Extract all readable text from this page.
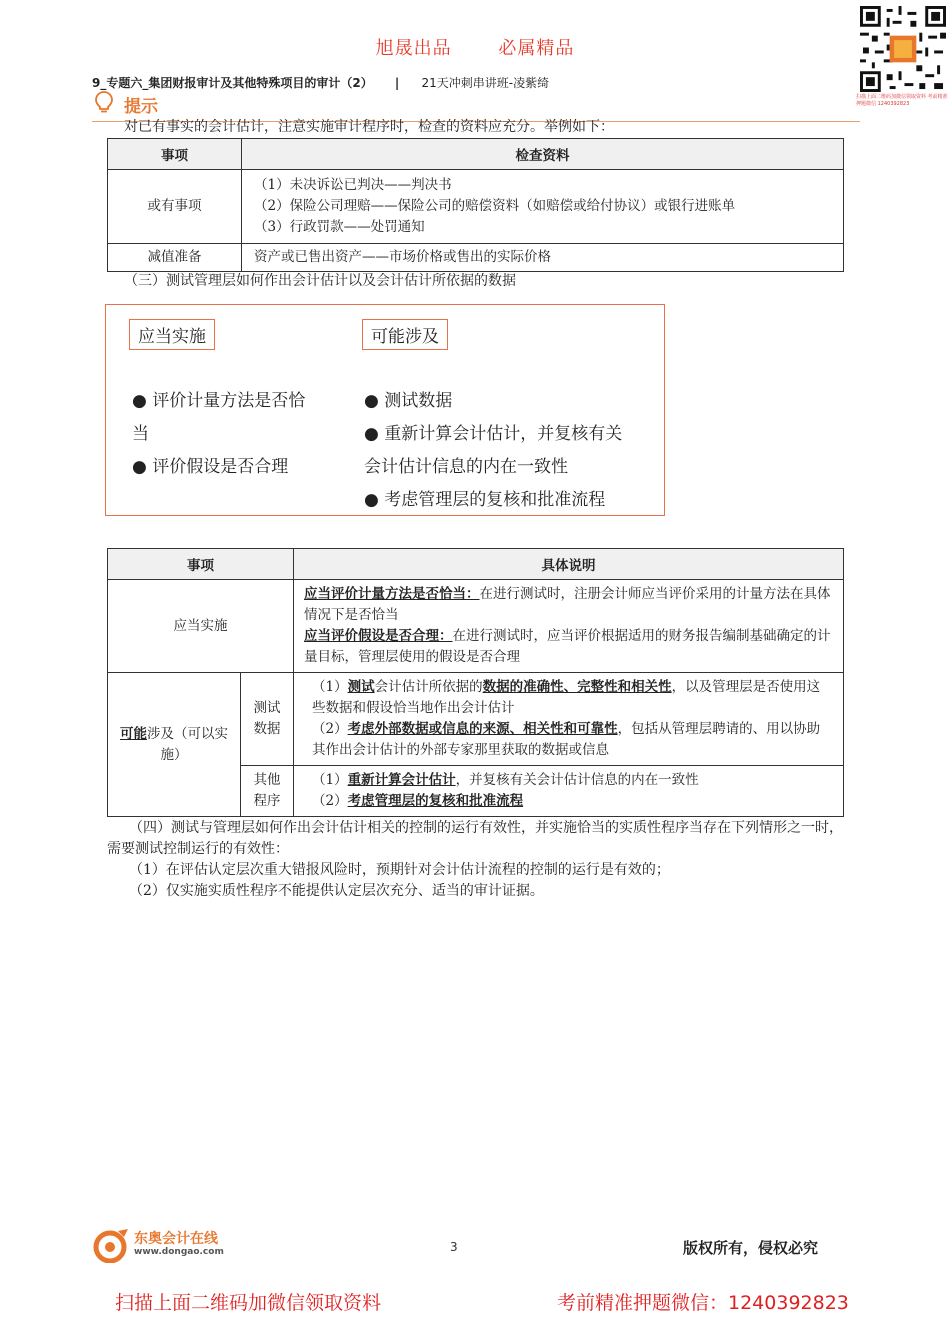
旭晟出品	必属精品
扫描上面二维码加微信领取资料 考前精准押题微信 1240392823
9_专题六_集团财报审计及其他特殊项目的审计（2） | 21天冲刺串讲班-凌紫绮
提示
对已有事实的会计估计，注意实施审计程序时，检查的资料应充分。举例如下：
事项	检查资料
或有事项	（1）未决诉讼已判决——判决书
（2）保险公司理赔——保险公司的赔偿资料（如赔偿或给付协议）或银行进账单
（3）行政罚款——处罚通知

减值准备	资产或已售出资产——市场价格或售出的实际价格
（三）测试管理层如何作出会计估计以及会计估计所依据的数据
应当实施	可能涉及
● 评价计量方法是否恰
当
● 评价假设是否合理
● 测试数据
● 重新计算会计估计，并复核有关
会计估计信息的内在一致性
● 考虑管理层的复核和批准流程
事项		具体说明
应当实施		应当评价计量方法是否恰当：在进行测试时，注册会计师应当评价采用的计量方法在具体情况下是否恰当
应当评价假设是否合理：在进行测试时，应当评价根据适用的财务报告编制基础确定的计量目标，管理层使用的假设是否合理
可能涉及（可以实施）	测试数据	（1）测试会计估计所依据的数据的准确性、完整性和相关性，以及管理层是否使用这些数据和假设恰当地作出会计估计
（2）考虑外部数据或信息的来源、相关性和可靠性，包括从管理层聘请的、用以协助其作出会计估计的外部专家那里获取的数据或信息
	其他程序	（1）重新计算会计估计，并复核有关会计估计信息的内在一致性
（2）考虑管理层的复核和批准流程
（四）测试与管理层如何作出会计估计相关的控制的运行有效性，并实施恰当的实质性程序当存在下列情形之一时，需要测试控制运行的有效性：
（1）在评估认定层次重大错报风险时，预期针对会计估计流程的控制的运行是有效的；
（2）仅实施实质性程序不能提供认定层次充分、适当的审计证据。
东奥会计在线
www.dongao.com	3	版权所有，侵权必究
扫描上面二维码加微信领取资料	考前精准押题微信：1240392823
